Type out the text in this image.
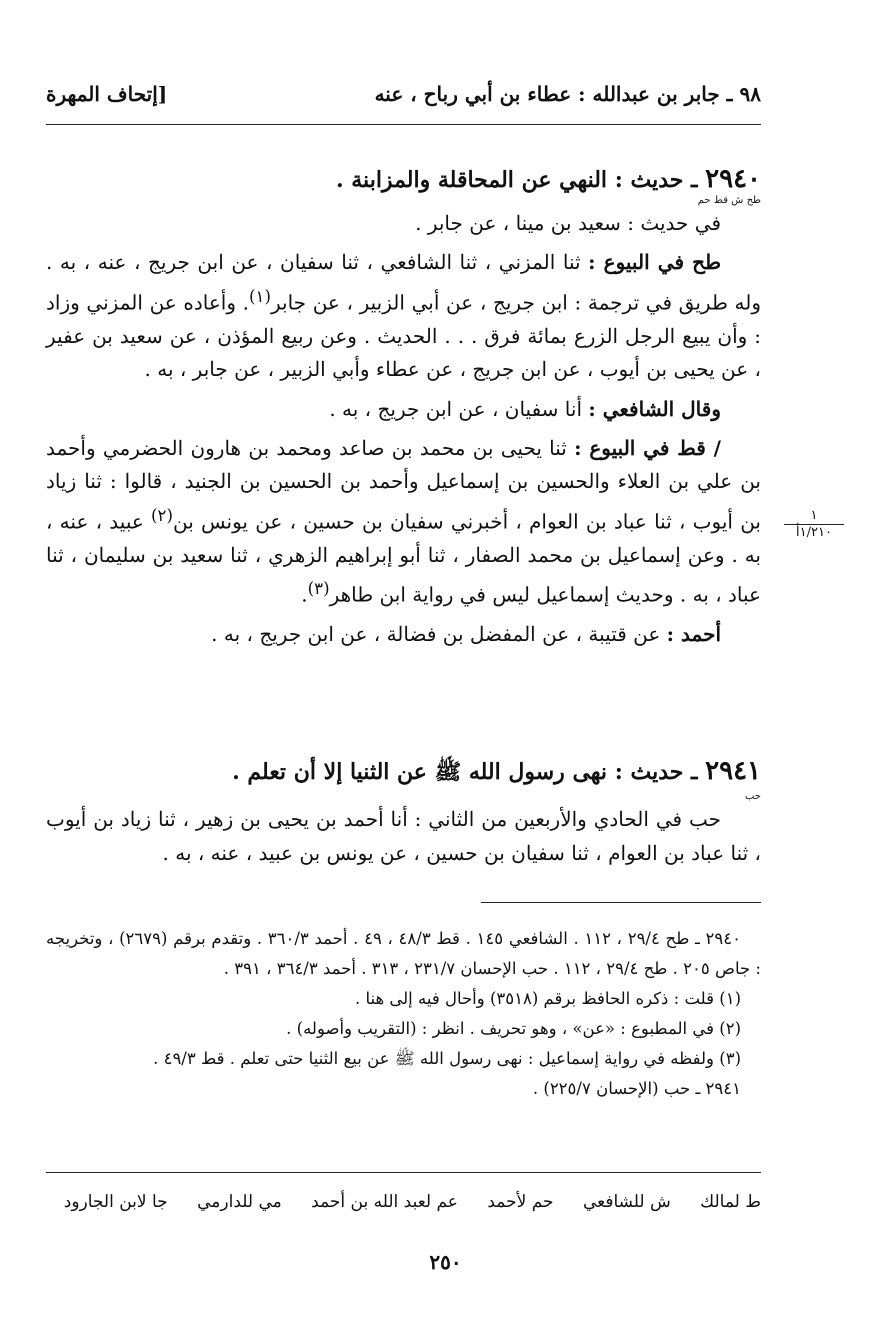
٩٨ ـ جابر بن عبدالله : عطاء بن أبي رباح ، عنه
[إتحاف المهرة
٢٩٤٠ ـ حديث : النهي عن المحاقلة والمزابنة .
طح ش قط حم
في حديث : سعيد بن مينا ، عن جابر .
طح في البيوع : ثنا المزني ، ثنا الشافعي ، ثنا سفيان ، عن ابن جريج ، عنه ، به . وله طريق في ترجمة : ابن جريج ، عن أبي الزبير ، عن جابر$^{(١)}$. وأعاده عن المزني وزاد : وأن يبيع الرجل الزرع بمائة فرق . . . الحديث . وعن ربيع المؤذن ، عن سعيد بن عفير ، عن يحيى بن أيوب ، عن ابن جريج ، عن عطاء وأبي الزبير ، عن جابر ، به .
وقال الشافعي : أنا سفيان ، عن ابن جريج ، به .
/ قط في البيوع : ثنا يحيى بن محمد بن صاعد ومحمد بن هارون الحضرمي وأحمد بن علي بن العلاء والحسين بن إسماعيل وأحمد بن الحسين بن الجنيد ، قالوا : ثنا زياد بن أيوب ، ثنا عباد بن العوام ، أخبرني سفيان بن حسين ، عن يونس بن$^{(٢)}$ عبيد ، عنه ، به . وعن إسماعيل بن محمد الصفار ، ثنا أبو إبراهيم الزهري ، ثنا سعيد بن سليمان ، ثنا عباد ، به . وحديث إسماعيل ليس في رواية ابن طاهر$^{(٣)}$.
أحمد : عن قتيبة ، عن المفضل بن فضالة ، عن ابن جريج ، به .
١
١/٢١٠أ
٢٩٤١ ـ حديث : نهى رسول الله ﷺ عن الثنيا إلا أن تعلم .
حب
حب في الحادي والأربعين من الثاني : أنا أحمد بن يحيى بن زهير ، ثنا زياد بن أيوب ، ثنا عباد بن العوام ، ثنا سفيان بن حسين ، عن يونس بن عبيد ، عنه ، به .
٢٩٤٠ ـ طح ٢٩/٤ ، ١١٢ . الشافعي ١٤٥ . قط ٤٨/٣ ، ٤٩ . أحمد ٣٦٠/٣ . وتقدم برقم (٢٦٧٩) ، وتخريجه : جاص ٢٠٥ . طح ٢٩/٤ ، ١١٢ . حب الإحسان ٢٣١/٧ ، ٣١٣ . أحمد ٣٦٤/٣ ، ٣٩١ .
(١) قلت : ذكره الحافظ برقم (٣٥١٨) وأحال فيه إلى هنا .
(٢) في المطبوع : «عن» ، وهو تحريف . انظر : (التقريب وأصوله) .
(٣) ولفظه في رواية إسماعيل : نهى رسول الله ﷺ عن بيع الثنيا حتى تعلم . قط ٤٩/٣ .
٢٩٤١ ـ حب (الإحسان ٢٢٥/٧) .
ط لمالك ش للشافعي حم لأحمد عم لعبد الله بن أحمد مي للدارمي جا لابن الجارود
٢٥٠
